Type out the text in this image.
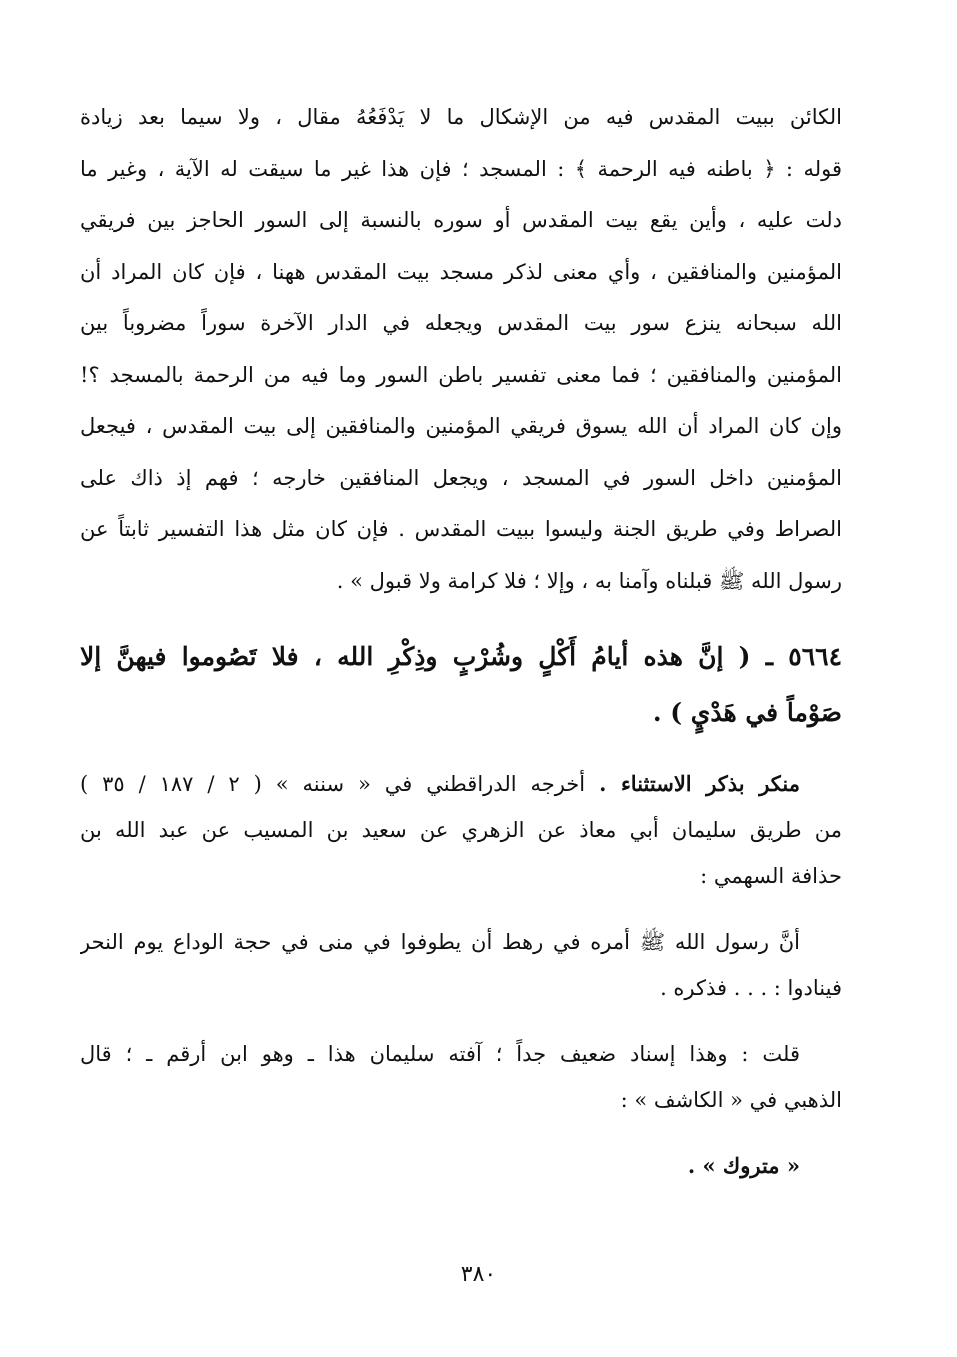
الكائن ببيت المقدس فيه من الإشكال ما لا يَدْفَعُهُ مقال ، ولا سيما بعد زيادة
قوله : ﴿ باطنه فيه الرحمة ﴾ : المسجد ؛ فإن هذا غير ما سيقت له الآية ، وغير ما
دلت عليه ، وأين يقع بيت المقدس أو سوره بالنسبة إلى السور الحاجز بين فريقي
المؤمنين والمنافقين ، وأي معنى لذكر مسجد بيت المقدس ههنا ، فإن كان المراد أن
الله سبحانه ينزع سور بيت المقدس ويجعله في الدار الآخرة سوراً مضروباً بين
المؤمنين والمنافقين ؛ فما معنى تفسير باطن السور وما فيه من الرحمة بالمسجد ؟!
وإن كان المراد أن الله يسوق فريقي المؤمنين والمنافقين إلى بيت المقدس ، فيجعل
المؤمنين داخل السور في المسجد ، ويجعل المنافقين خارجه ؛ فهم إذ ذاك على
الصراط وفي طريق الجنة وليسوا ببيت المقدس . فإن كان مثل هذا التفسير ثابتاً عن
رسول الله ﷺ قبلناه وآمنا به ، وإلا ؛ فلا كرامة ولا قبول » .
٥٦٦٤ ـ ( إنَّ هذه أيامُ أَكْلٍ وشُرْبٍ وذِكْرِ الله ، فلا تَصُوموا فيهنَّ إلا
صَوْماً في هَدْيٍ ) .
منكر بذكر الاستثناء . أخرجه الدراقطني في « سننه » ( ٢ / ١٨٧ / ٣٥ )
من طريق سليمان أبي معاذ عن الزهري عن سعيد بن المسيب عن عبد الله بن
حذافة السهمي :
أنَّ رسول الله ﷺ أمره في رهط أن يطوفوا في منى في حجة الوداع يوم النحر
فينادوا : . . . فذكره .
قلت : وهذا إسناد ضعيف جداً ؛ آفته سليمان هذا ـ وهو ابن أرقم ـ ؛ قال
الذهبي في « الكاشف » :
« متروك » .
٣٨٠
